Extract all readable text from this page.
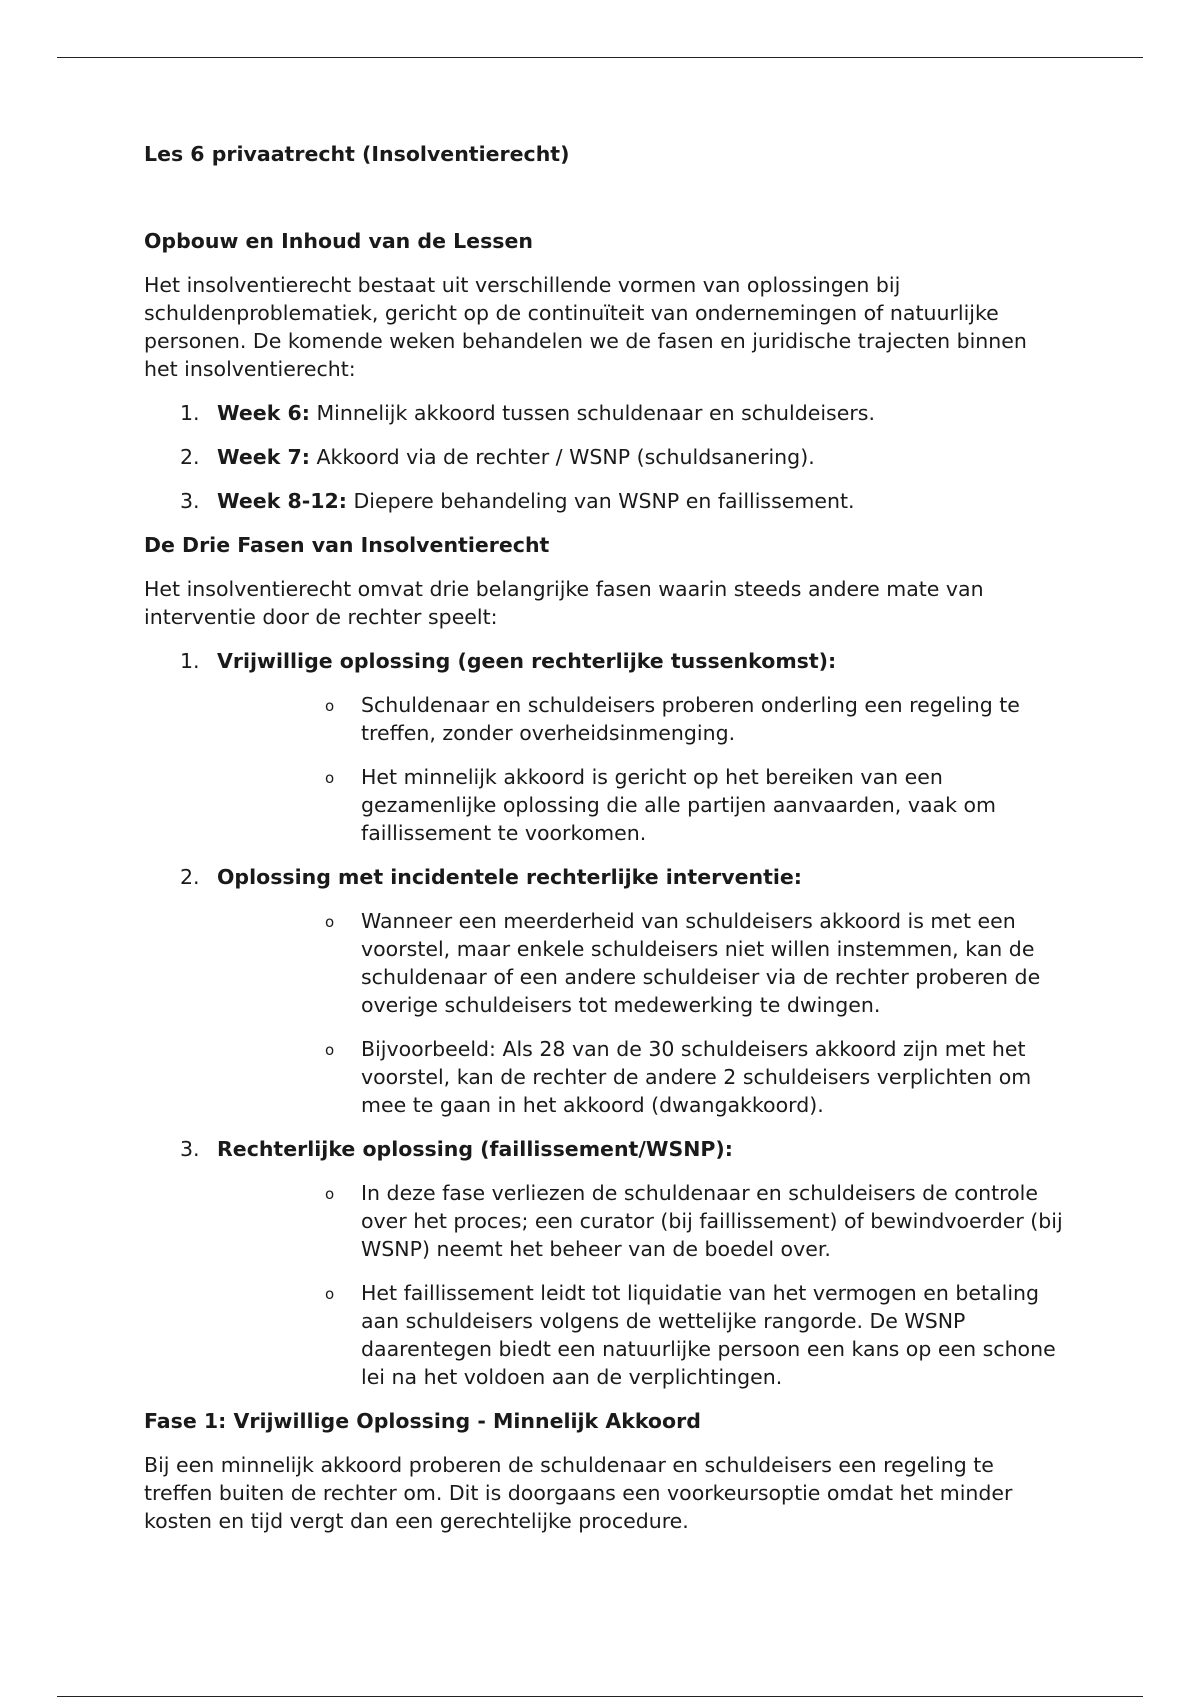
Les 6 privaatrecht (Insolventierecht)
Opbouw en Inhoud van de Lessen

Het insolventierecht bestaat uit verschillende vormen van oplossingen bij schuldenproblematiek, gericht op de continuïteit van ondernemingen of natuurlijke personen. De komende weken behandelen we de fasen en juridische trajecten binnen het insolventierecht:

1. Week 6: Minnelijk akkoord tussen schuldenaar en schuldeisers.
2. Week 7: Akkoord via de rechter / WSNP (schuldsanering).
3. Week 8-12: Diepere behandeling van WSNP en faillissement.
De Drie Fasen van Insolventierecht

Het insolventierecht omvat drie belangrijke fasen waarin steeds andere mate van interventie door de rechter speelt:

1. Vrijwillige oplossing (geen rechterlijke tussenkomst):
o Schuldenaar en schuldeisers proberen onderling een regeling te treffen, zonder overheidsinmenging.
o Het minnelijk akkoord is gericht op het bereiken van een gezamenlijke oplossing die alle partijen aanvaarden, vaak om faillissement te voorkomen.
2. Oplossing met incidentele rechterlijke interventie:
o Wanneer een meerderheid van schuldeisers akkoord is met een voorstel, maar enkele schuldeisers niet willen instemmen, kan de schuldenaar of een andere schuldeiser via de rechter proberen de overige schuldeisers tot medewerking te dwingen.
o Bijvoorbeeld: Als 28 van de 30 schuldeisers akkoord zijn met het voorstel, kan de rechter de andere 2 schuldeisers verplichten om mee te gaan in het akkoord (dwangakkoord).
3. Rechterlijke oplossing (faillissement/WSNP):
o In deze fase verliezen de schuldenaar en schuldeisers de controle over het proces; een curator (bij faillissement) of bewindvoerder (bij WSNP) neemt het beheer van de boedel over.
o Het faillissement leidt tot liquidatie van het vermogen en betaling aan schuldeisers volgens de wettelijke rangorde. De WSNP daarentegen biedt een natuurlijke persoon een kans op een schone lei na het voldoen aan de verplichtingen.
Fase 1: Vrijwillige Oplossing - Minnelijk Akkoord

Bij een minnelijk akkoord proberen de schuldenaar en schuldeisers een regeling te treffen buiten de rechter om. Dit is doorgaans een voorkeursoptie omdat het minder kosten en tijd vergt dan een gerechtelijke procedure.
